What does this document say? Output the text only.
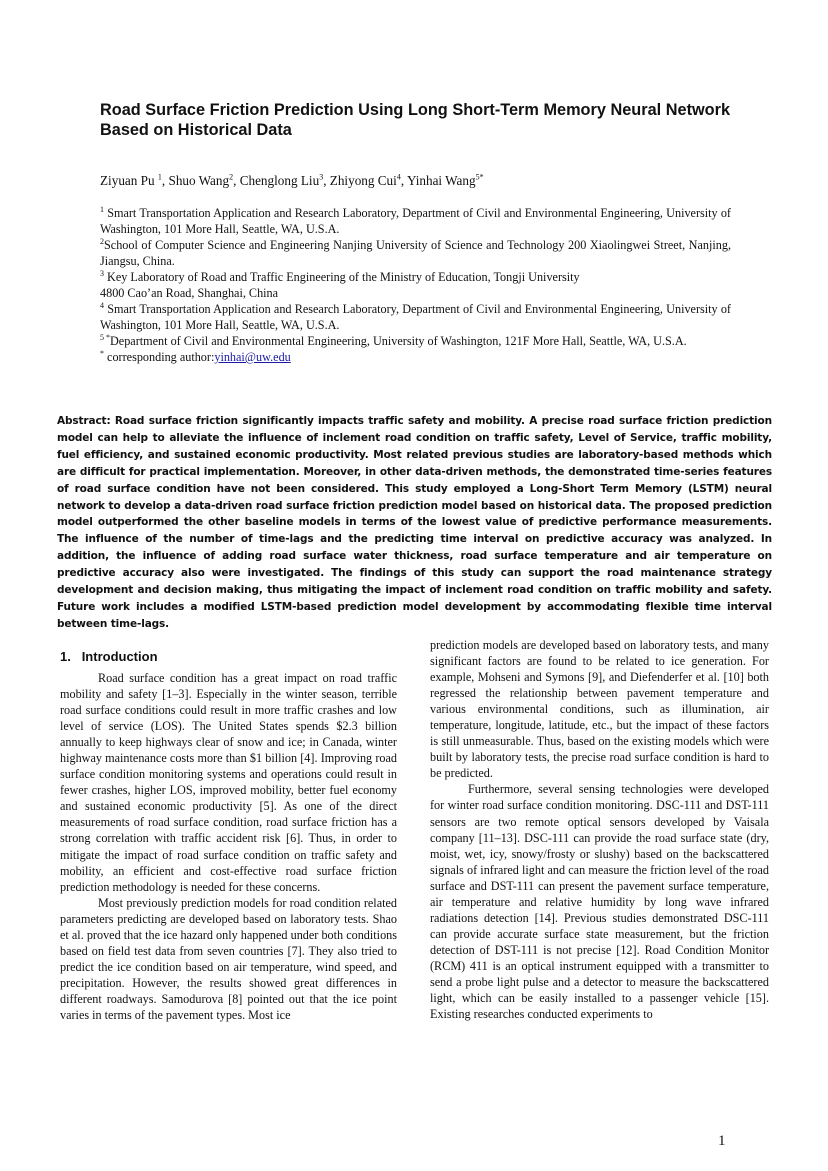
Road Surface Friction Prediction Using Long Short-Term Memory Neural Network Based on Historical Data
Ziyuan Pu $^1$, Shuo Wang$^2$, Chenglong Liu$^3$, Zhiyong Cui$^4$, Yinhai Wang$^{5*}$

$^1$ Smart Transportation Application and Research Laboratory, Department of Civil and Environmental Engineering, University of Washington, 101 More Hall, Seattle, WA, U.S.A.

$^2$School of Computer Science and Engineering Nanjing University of Science and Technology 200 Xiaolingwei Street, Nanjing, Jiangsu, China.

$^3$ Key Laboratory of Road and Traffic Engineering of the Ministry of Education, Tongji University
4800 Cao’an Road, Shanghai, China

$^4$ Smart Transportation Application and Research Laboratory, Department of Civil and Environmental Engineering, University of Washington, 101 More Hall, Seattle, WA, U.S.A.

$^{5 *}$Department of Civil and Environmental Engineering, University of Washington, 121F More Hall, Seattle, WA, U.S.A.

* corresponding author:yinhai@uw.edu

Abstract: Road surface friction significantly impacts traffic safety and mobility. A precise road surface friction prediction model can help to alleviate the influence of inclement road condition on traffic safety, Level of Service, traffic mobility, fuel efficiency, and sustained economic productivity. Most related previous studies are laboratory-based methods which are difficult for practical implementation. Moreover, in other data-driven methods, the demonstrated time-series features of road surface condition have not been considered. This study employed a Long-Short Term Memory (LSTM) neural network to develop a data-driven road surface friction prediction model based on historical data. The proposed prediction model outperformed the other baseline models in terms of the lowest value of predictive performance measurements. The influence of the number of time-lags and the predicting time interval on predictive accuracy was analyzed. In addition, the influence of adding road surface water thickness, road surface temperature and air temperature on predictive accuracy also were investigated. The findings of this study can support the road maintenance strategy development and decision making, thus mitigating the impact of inclement road condition on traffic mobility and safety. Future work includes a modified LSTM-based prediction model development by accommodating flexible time interval between time-lags.

1. Introduction

Road surface condition has a great impact on road traffic mobility and safety [1–3]. Especially in the winter season, terrible road surface conditions could result in more traffic crashes and low level of service (LOS). The United States spends $2.3 billion annually to keep highways clear of snow and ice; in Canada, winter highway maintenance costs more than $1 billion [4]. Improving road surface condition monitoring systems and operations could result in fewer crashes, higher LOS, improved mobility, better fuel economy and sustained economic productivity [5]. As one of the direct measurements of road surface condition, road surface friction has a strong correlation with traffic accident risk [6]. Thus, in order to mitigate the impact of road surface condition on traffic safety and mobility, an efficient and cost-effective road surface friction prediction methodology is needed for these concerns.

Most previously prediction models for road condition related parameters predicting are developed based on laboratory tests. Shao et al. proved that the ice hazard only happened under both conditions based on field test data from seven countries [7]. They also tried to predict the ice condition based on air temperature, wind speed, and precipitation. However, the results showed great differences in different roadways. Samodurova [8] pointed out that the ice point varies in terms of the pavement types. Most ice

prediction models are developed based on laboratory tests, and many significant factors are found to be related to ice generation. For example, Mohseni and Symons [9], and Diefenderfer et al. [10] both regressed the relationship between pavement temperature and various environmental conditions, such as illumination, air temperature, longitude, latitude, etc., but the impact of these factors is still unmeasurable. Thus, based on the existing models which were built by laboratory tests, the precise road surface condition is hard to be predicted.

Furthermore, several sensing technologies were developed for winter road surface condition monitoring. DSC-111 and DST-111 sensors are two remote optical sensors developed by Vaisala company [11–13]. DSC-111 can provide the road surface state (dry, moist, wet, icy, snowy/frosty or slushy) based on the backscattered signals of infrared light and can measure the friction level of the road surface and DST-111 can present the pavement surface temperature, air temperature and relative humidity by long wave infrared radiations detection [14]. Previous studies demonstrated DSC-111 can provide accurate surface state measurement, but the friction detection of DST-111 is not precise [12]. Road Condition Monitor (RCM) 411 is an optical instrument equipped with a transmitter to send a probe light pulse and a detector to measure the backscattered light, which can be easily installed to a passenger vehicle [15]. Existing researches conducted experiments to

1
